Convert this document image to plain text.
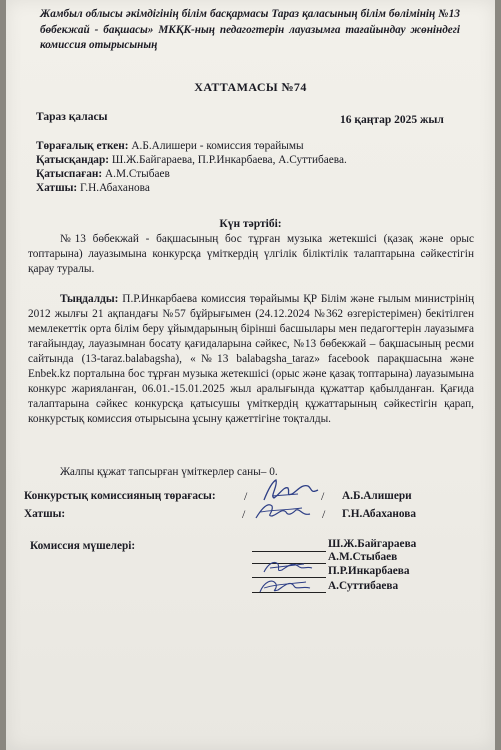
Жамбыл облысы әкімдігінің білім басқармасы Тараз қаласының білім бөлімінің №13 бөбекжай - бақшасы» МКҚК-ның педагогтерін лауазымға тағайындау жөніндегі комиссия отырысының
ХАТТАМАСЫ №74
Тараз қаласы	16 қаңтар 2025 жыл
Төрағалық еткен: А.Б.Алишери - комиссия төрайымы
Қатысқандар: Ш.Ж.Байгараева, П.Р.Инкарбаева, А.Суттибаева.
Қатыспаған: А.М.Стыбаев
Хатшы: Г.Н.Абаханова
Күн тәртібі:
№13 бөбекжай - бақшасының бос тұрған музыка жетекшісі (қазақ және орыс топтарына) лауазымына конкурсқа үміткердің үлгілік біліктілік талаптарына сәйкестігін қарау туралы.
Тыңдалды: П.Р.Инкарбаева комиссия төрайымы ҚР Білім және ғылым министрінің 2012 жылғы 21 ақпандағы №57 бұйрығымен (24.12.2024 №362 өзгерістерімен) бекітілген мемлекеттік орта білім беру ұйымдарының бірінші басшылары мен педагогтерін лауазымға тағайындау, лауазымнан босату қағидаларына сәйкес, №13 бөбекжай – бақшасының ресми сайтында (13-taraz.balabagsha), «№13 balabagsha_taraz» facebook парақшасына және Enbek.kz порталына бос тұрған музыка жетекшісі (орыс және қазақ топтарына) лауазымына конкурс жарияланған, 06.01.-15.01.2025 жыл аралығында құжаттар қабылданған. Қағида талаптарына сәйкес конкурсқа қатысушы үміткердің құжаттарының сәйкестігін қарап, конкурстық комиссия отырысына ұсыну қажеттігіне тоқталды.
Жалпы құжат тапсырған үміткерлер саны– 0.
Конкурстық комиссияның төрағасы: /	/ А.Б.Алишери
Хатшы:	/	/ Г.Н.Абаханова
Комиссия мүшелері:	Ш.Ж.Байгараева
А.М.Стыбаев
П.Р.Инкарбаева
А.Суттибаева
